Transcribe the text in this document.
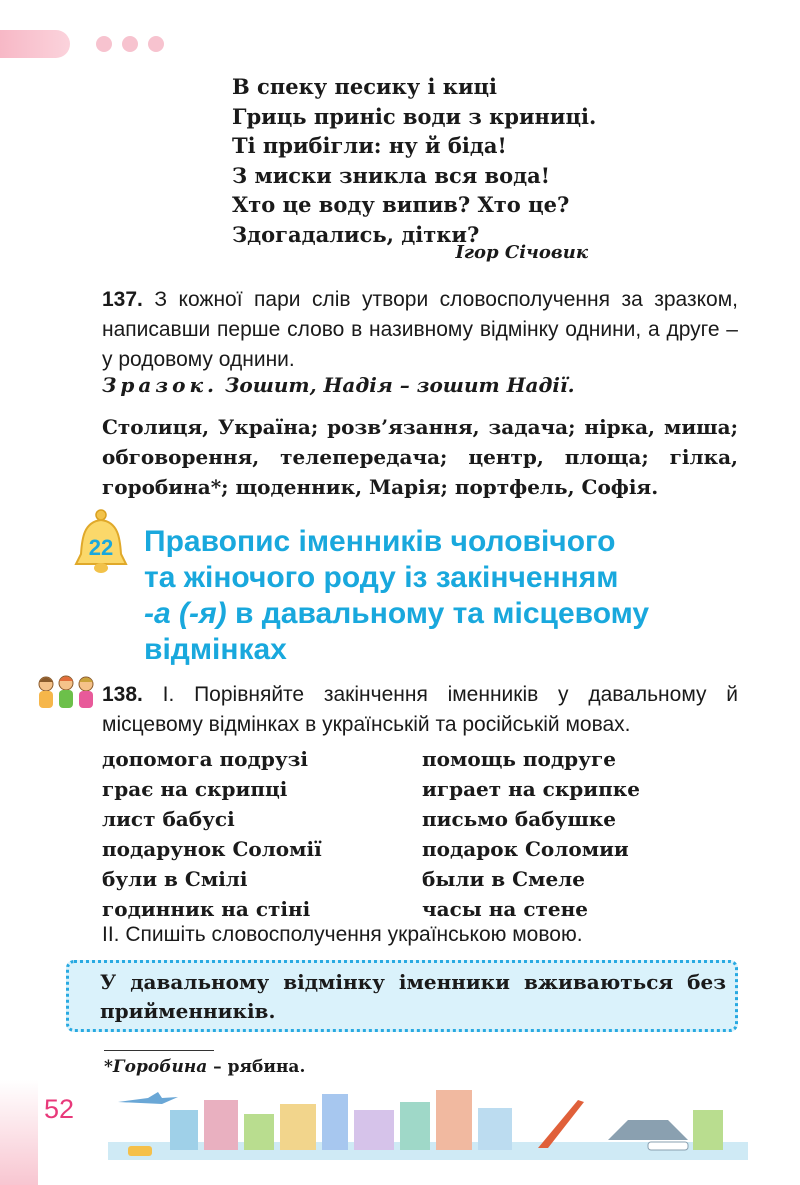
В спеку песику і киці
Гриць приніс води з криниці.
Ті прибігли: ну й біда!
З миски зникла вся вода!
Хто це воду випив? Хто це?
Здогадались, дітки?
Ігор Січовик
137. З кожної пари слів утвори словосполучення за зразком, написавши перше слово в називному відмінку однини, а друге – у родовому однини.
Зразок. Зошит, Надія – зошит Надії.
Столиця, Україна; розв’язання, задача; нірка, миша; обговорення, телепередача; центр, площа; гілка, горобина*; щоденник, Марія; портфель, Софія.
22 Правопис іменників чоловічого
та жіночого роду із закінченням
-а (-я) в давальному та місцевому
відмінках
138. І. Порівняйте закінчення іменників у давальному й місцевому відмінках в українській та російській мовах.
допомога подрузі	помощь подруге
грає на скрипці	играет на скрипке
лист бабусі	письмо бабушке
подарунок Соломії	подарок Соломии
були в Смілі	были в Смеле
годинник на стіні	часы на стене
ІІ. Спишіть словосполучення українською мовою.
У давальному відмінку іменники вживаються без прийменників.
*Горобина – рябина.
52
